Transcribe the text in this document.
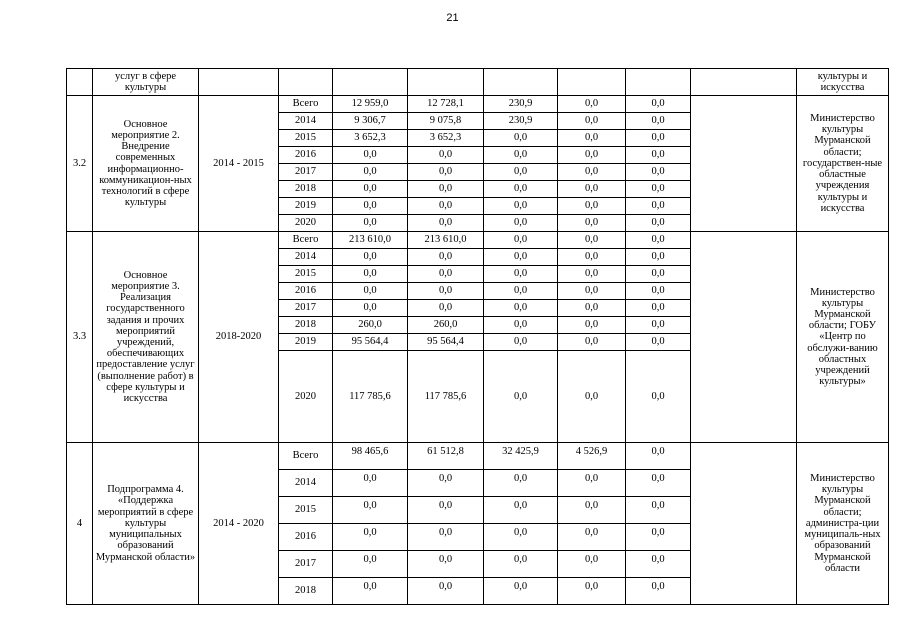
21
	услуг в сфере культуры									культуры и искусства
3.2	Основное мероприятие 2. Внедрение современных информационно-коммуникацион-ных технологий в сфере культуры	2014 - 2015	Всего	12 959,0	12 728,1	230,9	0,0	0,0		Министерство культуры Мурманской области; государствен-ные областные учреждения культуры и искусства
			2014	9 306,7	9 075,8	230,9	0,0	0,0		
			2015	3 652,3	3 652,3	0,0	0,0	0,0		
			2016	0,0	0,0	0,0	0,0	0,0		
			2017	0,0	0,0	0,0	0,0	0,0		
			2018	0,0	0,0	0,0	0,0	0,0		
			2019	0,0	0,0	0,0	0,0	0,0		
			2020	0,0	0,0	0,0	0,0	0,0		
3.3	Основное мероприятие 3. Реализация государственного задания и прочих мероприятий учреждений, обеспечивающих предоставление услуг (выполнение работ) в сфере культуры и искусства	2018-2020	Всего	213 610,0	213 610,0	0,0	0,0	0,0		Министерство культуры Мурманской области; ГОБУ «Центр по обслужи-ванию областных учреждений культуры»
			2014	0,0	0,0	0,0	0,0	0,0		
			2015	0,0	0,0	0,0	0,0	0,0		
			2016	0,0	0,0	0,0	0,0	0,0		
			2017	0,0	0,0	0,0	0,0	0,0		
			2018	260,0	260,0	0,0	0,0	0,0		
			2019	95 564,4	95 564,4	0,0	0,0	0,0		
			2020	117 785,6	117 785,6	0,0	0,0	0,0		
4	Подпрограмма 4. «Поддержка мероприятий в сфере культуры муниципальных образований Мурманской области»	2014 - 2020	Всего	98 465,6	61 512,8	32 425,9	4 526,9	0,0		Министерство культуры Мурманской области; администра-ции муниципаль-ных образований Мурманской области
			2014	0,0	0,0	0,0	0,0	0,0		
			2015	0,0	0,0	0,0	0,0	0,0		
			2016	0,0	0,0	0,0	0,0	0,0		
			2017	0,0	0,0	0,0	0,0	0,0		
			2018	0,0	0,0	0,0	0,0	0,0		
